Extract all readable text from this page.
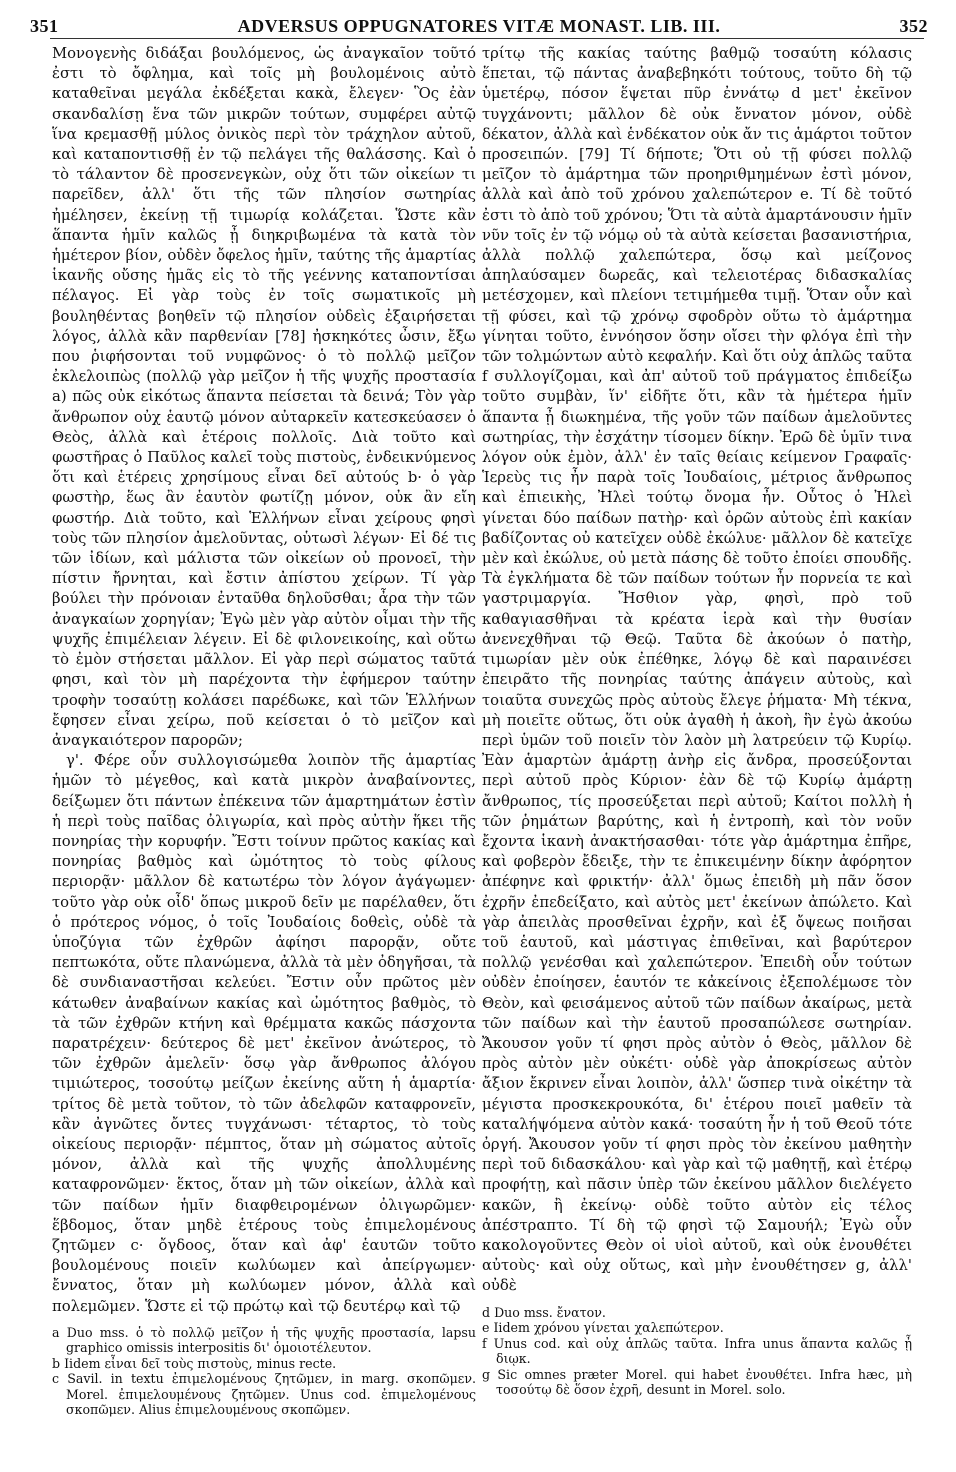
351	ADVERSUS OPPUGNATORES VITÆ MONAST. LIB. III.	352

Μονογενὴς διδάξαι βουλόμενος, ὡς ἀναγκαῖον τοῦτό ἐστι τὸ ὄφλημα, καὶ τοῖς μὴ βουλομένοις αὐτὸ καταθεῖναι μεγάλα ἐκδέξεται κακὰ, ἔλεγεν· Ὃς ἐὰν σκανδαλίσῃ ἕνα τῶν μικρῶν τούτων, συμφέρει αὐτῷ ἵνα κρεμασθῇ μύλος ὀνικὸς περὶ τὸν τράχηλον αὐτοῦ, καὶ καταποντισθῇ ἐν τῷ πελάγει τῆς θαλάσσης. Καὶ ὁ τὸ τάλαντον δὲ προσενεγκὼν, οὐχ ὅτι τῶν οἰκείων τι παρεῖδεν, ἀλλ' ὅτι τῆς τῶν πλησίον σωτηρίας ἠμέλησεν, ἐκείνῃ τῇ τιμωρίᾳ κολάζεται. Ὥστε κἂν ἅπαντα ἡμῖν καλῶς ᾖ διηκριβωμένα τὰ κατὰ τὸν ἡμέτερον βίον, οὐδὲν ὄφελος ἡμῖν, ταύτης τῆς ἁμαρτίας ἱκανῆς οὔσης ἡμᾶς εἰς τὸ τῆς γεέννης καταποντίσαι πέλαγος. Εἰ γὰρ τοὺς ἐν τοῖς σωματικοῖς μὴ βουληθέντας βοηθεῖν τῷ πλησίον οὐδεὶς ἐξαιρήσεται λόγος, ἀλλὰ κἂν παρθενίαν [78] ἠσκηκότες ὦσιν, ἔξω που ῥιφήσονται τοῦ νυμφῶνος· ὁ τὸ πολλῷ μεῖζον ἐκλελοιπὼς (πολλῷ γὰρ μεῖζον ἡ τῆς ψυχῆς προστασία a) πῶς οὐκ εἰκότως ἅπαντα πείσεται τὰ δεινά; Τὸν γὰρ ἄνθρωπον οὐχ ἑαυτῷ μόνον αὐταρκεῖν κατεσκεύασεν ὁ Θεὸς, ἀλλὰ καὶ ἑτέροις πολλοῖς. Διὰ τοῦτο καὶ φωστῆρας ὁ Παῦλος καλεῖ τοὺς πιστοὺς, ἐνδεικνύμενος ὅτι καὶ ἑτέρεις χρησίμους εἶναι δεῖ αὐτούς b· ὁ γὰρ φωστὴρ, ἕως ἂν ἑαυτὸν φωτίζῃ μόνον, οὐκ ἂν εἴη φωστήρ. Διὰ τοῦτο, καὶ Ἑλλήνων εἶναι χείρους φησὶ τοὺς τῶν πλησίον ἀμελοῦντας, οὑτωσὶ λέγων· Εἰ δέ τις τῶν ἰδίων, καὶ μάλιστα τῶν οἰκείων οὐ προνοεῖ, τὴν πίστιν ἤρνηται, καὶ ἔστιν ἀπίστου χείρων. Τί γὰρ βούλει τὴν πρόνοιαν ἐνταῦθα δηλοῦσθαι; ἆρα τὴν τῶν ἀναγκαίων χορηγίαν; Ἐγὼ μὲν γὰρ αὐτὸν οἶμαι τὴν τῆς ψυχῆς ἐπιμέλειαν λέγειν. Εἰ δὲ φιλονεικοίης, καὶ οὕτω τὸ ἐμὸν στήσεται μᾶλλον. Εἰ γὰρ περὶ σώματος ταῦτά φησι, καὶ τὸν μὴ παρέχοντα τὴν ἐφήμερον ταύτην τροφὴν τοσαύτῃ κολάσει παρέδωκε, καὶ τῶν Ἑλλήνων ἔφησεν εἶναι χείρω, ποῦ κείσεται ὁ τὸ μεῖζον καὶ ἀναγκαιότερον παρορῶν;

γ'. Φέρε οὖν συλλογισώμεθα λοιπὸν τῆς ἁμαρτίας ἡμῶν τὸ μέγεθος, καὶ κατὰ μικρὸν ἀναβαίνοντες, δείξωμεν ὅτι πάντων ἐπέκεινα τῶν ἁμαρτημάτων ἐστὶν ἡ περὶ τοὺς παῖδας ὀλιγωρία, καὶ πρὸς αὐτὴν ἥκει τῆς πονηρίας τὴν κορυφήν. Ἔστι τοίνυν πρῶτος κακίας καὶ πονηρίας βαθμὸς καὶ ὠμότητος τὸ τοὺς φίλους περιορᾷν· μᾶλλον δὲ κατωτέρω τὸν λόγον ἀγάγωμεν· τοῦτο γὰρ οὐκ οἶδ' ὅπως μικροῦ δεῖν με παρέλαθεν, ὅτι ὁ πρότερος νόμος, ὁ τοῖς Ἰουδαίοις δοθεὶς, οὐδὲ τὰ ὑποζύγια τῶν ἐχθρῶν ἀφίησι παρορᾷν, οὔτε πεπτωκότα, οὔτε πλανώμενα, ἀλλὰ τὰ μὲν ὀδηγῆσαι, τὰ δὲ συνδιαναστῆσαι κελεύει. Ἔστιν οὖν πρῶτος μὲν κάτωθεν ἀναβαίνων κακίας καὶ ὠμότητος βαθμὸς, τὸ τὰ τῶν ἐχθρῶν κτήνη καὶ θρέμματα κακῶς πάσχοντα παρατρέχειν· δεύτερος δὲ μετ' ἐκεῖνον ἀνώτερος, τὸ τῶν ἐχθρῶν ἀμελεῖν· ὅσῳ γὰρ ἄνθρωπος ἀλόγου τιμιώτερος, τοσούτῳ μείζων ἐκείνης αὕτη ἡ ἁμαρτία· τρίτος δὲ μετὰ τοῦτον, τὸ τῶν ἀδελφῶν καταφρονεῖν, κἂν ἀγνῶτες ὄντες τυγχάνωσι· τέταρτος, τὸ τοὺς οἰκείους περιορᾷν· πέμπτος, ὅταν μὴ σώματος αὐτοῖς μόνον, ἀλλὰ καὶ τῆς ψυχῆς ἀπολλυμένης καταφρονῶμεν· ἕκτος, ὅταν μὴ τῶν οἰκείων, ἀλλὰ καὶ τῶν παίδων ἡμῖν διαφθειρομένων ὀλιγωρῶμεν· ἕβδομος, ὅταν μηδὲ ἑτέρους τοὺς ἐπιμελομένους ζητῶμεν c· ὄγδοος, ὅταν καὶ ἀφ' ἑαυτῶν τοῦτο βουλομένους ποιεῖν κωλύωμεν καὶ ἀπείργωμεν· ἔννατος, ὅταν μὴ κωλύωμεν μόνον, ἀλλὰ καὶ πολεμῶμεν. Ὥστε εἰ τῷ πρώτῳ καὶ τῷ δευτέρῳ καὶ τῷ

a Duo mss. ὁ τὸ πολλῷ μεῖζον ἡ τῆς ψυχῆς προστασία, lapsu graphico omissis interpositis δι' ὁμοιοτέλευτον.

b Iidem εἶναι δεῖ τοὺς πιστοὺς, minus recte.

c Savil. in textu ἐπιμελομένους ζητῶμεν, in marg. σκοπῶμεν. Morel. ἐπιμελουμένους ζητῶμεν. Unus cod. ἐπιμελομένους σκοπῶμεν. Alius ἐπιμελουμένους σκοπῶμεν.

τρίτῳ τῆς κακίας ταύτης βαθμῷ τοσαύτη κόλασις ἕπεται, τῷ πάντας ἀναβεβηκότι τούτους, τοῦτο δὴ τῷ ὑμετέρῳ, πόσον ἕψεται πῦρ ἐννάτῳ d μετ' ἐκεῖνον τυγχάνοντι; μᾶλλον δὲ οὐκ ἔννατον μόνον, οὐδὲ δέκατον, ἀλλὰ καὶ ἑνδέκατον οὐκ ἄν τις ἁμάρτοι τοῦτον προσειπών. [79] Τί δήποτε; Ὅτι οὐ τῇ φύσει πολλῷ μεῖζον τὸ ἁμάρτημα τῶν προηριθμημένων ἐστὶ μόνον, ἀλλὰ καὶ ἀπὸ τοῦ χρόνου χαλεπώτερον e. Τί δὲ τοῦτό ἐστι τὸ ἀπὸ τοῦ χρόνου; Ὅτι τὰ αὐτὰ ἁμαρτάνουσιν ἡμῖν νῦν τοῖς ἐν τῷ νόμῳ οὐ τὰ αὐτὰ κείσεται βασανιστήρια, ἀλλὰ πολλῷ χαλεπώτερα, ὅσῳ καὶ μείζονος ἀπηλαύσαμεν δωρεᾶς, καὶ τελειοτέρας διδασκαλίας μετέσχομεν, καὶ πλείονι τετιμήμεθα τιμῇ. Ὅταν οὖν καὶ τῇ φύσει, καὶ τῷ χρόνῳ σφοδρὸν οὕτω τὸ ἁμάρτημα γίνηται τοῦτο, ἐννόησον ὅσην οἴσει τὴν φλόγα ἐπὶ τὴν τῶν τολμώντων αὐτὸ κεφαλήν. Καὶ ὅτι οὐχ ἁπλῶς ταῦτα f συλλογίζομαι, καὶ ἀπ' αὐτοῦ τοῦ πράγματος ἐπιδείξω τοῦτο συμβὰν, ἵν' εἰδῆτε ὅτι, κἂν τὰ ἡμέτερα ἡμῖν ἅπαντα ᾖ διωκημένα, τῆς γοῦν τῶν παίδων ἀμελοῦντες σωτηρίας, τὴν ἐσχάτην τίσομεν δίκην. Ἐρῶ δὲ ὑμῖν τινα λόγον οὐκ ἐμὸν, ἀλλ' ἐν ταῖς θείαις κείμενον Γραφαῖς· Ἱερεὺς τις ἦν παρὰ τοῖς Ἰουδαίοις, μέτριος ἄνθρωπος καὶ ἐπιεικὴς, Ἠλεὶ τούτῳ ὄνομα ἦν. Οὗτος ὁ Ἠλεὶ γίνεται δύο παίδων πατὴρ· καὶ ὁρῶν αὐτοὺς ἐπὶ κακίαν βαδίζοντας οὐ κατεῖχεν οὐδὲ ἐκώλυε· μᾶλλον δὲ κατεῖχε μὲν καὶ ἐκώλυε, οὐ μετὰ πάσης δὲ τοῦτο ἐποίει σπουδῆς. Τὰ ἐγκλήματα δὲ τῶν παίδων τούτων ἦν πορνεία τε καὶ γαστριμαργία. Ἤσθιον γὰρ, φησὶ, πρὸ τοῦ καθαγιασθῆναι τὰ κρέατα ἱερὰ καὶ τὴν θυσίαν ἀνενεχθῆναι τῷ Θεῷ. Ταῦτα δὲ ἀκούων ὁ πατὴρ, τιμωρίαν μὲν οὐκ ἐπέθηκε, λόγῳ δὲ καὶ παραινέσει ἐπειρᾶτο τῆς πονηρίας ταύτης ἀπάγειν αὐτοὺς, καὶ τοιαῦτα συνεχῶς πρὸς αὐτοὺς ἔλεγε ῥήματα· Μὴ τέκνα, μὴ ποιεῖτε οὕτως, ὅτι οὐκ ἀγαθὴ ἡ ἀκοὴ, ἣν ἐγὼ ἀκούω περὶ ὑμῶν τοῦ ποιεῖν τὸν λαὸν μὴ λατρεύειν τῷ Κυρίῳ. Ἐὰν ἁμαρτὼν ἁμάρτῃ ἀνὴρ εἰς ἄνδρα, προσεύξονται περὶ αὐτοῦ πρὸς Κύριον· ἐὰν δὲ τῷ Κυρίῳ ἁμάρτῃ ἄνθρωπος, τίς προσεύξεται περὶ αὐτοῦ; Καίτοι πολλὴ ἡ τῶν ῥημάτων βαρύτης, καὶ ἡ ἐντροπὴ, καὶ τὸν νοῦν ἔχοντα ἱκανὴ ἀνακτήσασθαι· τότε γὰρ ἁμάρτημα ἐπῆρε, καὶ φοβερὸν ἔδειξε, τὴν τε ἐπικειμένην δίκην ἀφόρητον ἀπέφηνε καὶ φρικτήν· ἀλλ' ὅμως ἐπειδὴ μὴ πᾶν ὅσον ἐχρῆν ἐπεδείξατο, καὶ αὐτὸς μετ' ἐκείνων ἀπώλετο. Καὶ γὰρ ἀπειλὰς προσθεῖναι ἐχρῆν, καὶ ἐξ ὄψεως ποιῆσαι τοῦ ἑαυτοῦ, καὶ μάστιγας ἐπιθεῖναι, καὶ βαρύτερον πολλῷ γενέσθαι καὶ χαλεπώτερον. Ἐπειδὴ οὖν τούτων οὐδὲν ἐποίησεν, ἑαυτόν τε κἀκείνοις ἐξεπολέμωσε τὸν Θεὸν, καὶ φεισάμενος αὐτοῦ τῶν παίδων ἀκαίρως, μετὰ τῶν παίδων καὶ τὴν ἑαυτοῦ προσαπώλεσε σωτηρίαν. Ἄκουσον γοῦν τί φησι πρὸς αὐτὸν ὁ Θεὸς, μᾶλλον δὲ πρὸς αὐτὸν μὲν οὐκέτι· οὐδὲ γὰρ ἀποκρίσεως αὐτὸν ἄξιον ἔκρινεν εἶναι λοιπὸν, ἀλλ' ὥσπερ τινὰ οἰκέτην τὰ μέγιστα προσκεκρουκότα, δι' ἑτέρου ποιεῖ μαθεῖν τὰ καταλήψόμενα αὐτὸν κακά· τοσαύτη ἦν ἡ τοῦ Θεοῦ τότε ὀργή. Ἄκουσον γοῦν τί φησι πρὸς τὸν ἐκείνου μαθητὴν περὶ τοῦ διδασκάλου· καὶ γὰρ καὶ τῷ μαθητῇ, καὶ ἑτέρῳ προφήτῃ, καὶ πᾶσιν ὑπὲρ τῶν ἐκείνου μᾶλλον διελέγετο κακῶν, ἢ ἐκείνῳ· οὐδὲ τοῦτο αὐτὸν εἰς τέλος ἀπέστραπτο. Τί δὴ τῷ φησὶ τῷ Σαμουήλ; Ἐγὼ οὖν κακολογοῦντες Θεὸν οἱ υἱοὶ αὐτοῦ, καὶ οὐκ ἐνουθέτει αὐτοὺς· καὶ οὐχ οὕτως, καὶ μὴν ἐνουθέτησεν g, ἀλλ' οὐδὲ

d Duo mss. ἔνατον.

e Iidem χρόνου γίνεται χαλεπώτερον.

f Unus cod. καὶ οὐχ ἁπλῶς ταῦτα. Infra unus ἅπαντα καλῶς ᾖ διῳκ.

g Sic omnes præter Morel. qui habet ἐνουθέτει. Infra hæc, μὴ τοσούτῳ δὲ ὅσον ἐχρῆ, desunt in Morel. solo.
